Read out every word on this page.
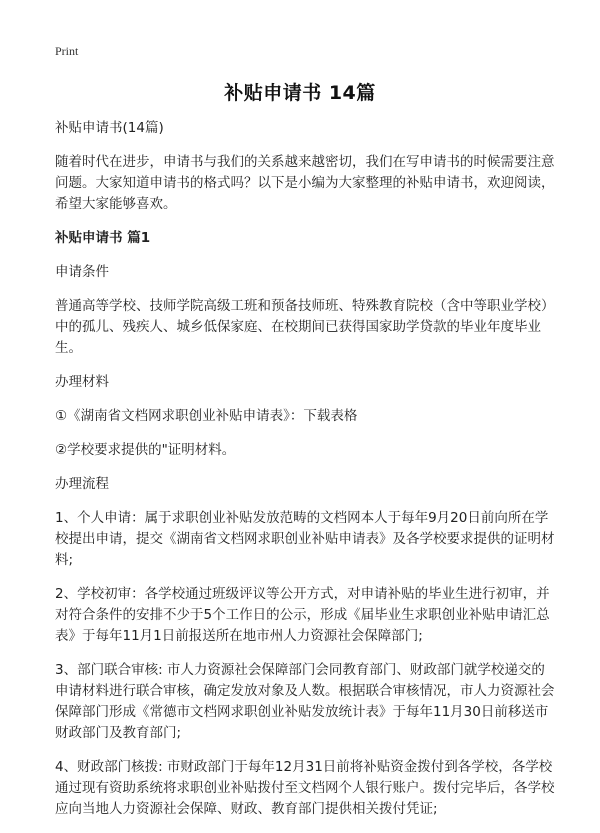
Print
补贴申请书 14篇

补贴申请书(14篇)

随着时代在进步，申请书与我们的关系越来越密切，我们在写申请书的时候需要注意问题。大家知道申请书的格式吗？以下是小编为大家整理的补贴申请书，欢迎阅读，希望大家能够喜欢。

补贴申请书 篇1

申请条件

普通高等学校、技师学院高级工班和预备技师班、特殊教育院校（含中等职业学校）中的孤儿、残疾人、城乡低保家庭、在校期间已获得国家助学贷款的毕业年度毕业生。

办理材料

①《湖南省文档网求职创业补贴申请表》：下载表格

②学校要求提供的"证明材料。

办理流程

1、个人申请：属于求职创业补贴发放范畴的文档网本人于每年9月20日前向所在学校提出申请，提交《湖南省文档网求职创业补贴申请表》及各学校要求提供的证明材料;

2、学校初审：各学校通过班级评议等公开方式，对申请补贴的毕业生进行初审，并对符合条件的安排不少于5个工作日的公示，形成《届毕业生求职创业补贴申请汇总表》于每年11月1日前报送所在地市州人力资源社会保障部门;

3、部门联合审核: 市人力资源社会保障部门会同教育部门、财政部门就学校递交的申请材料进行联合审核，确定发放对象及人数。根据联合审核情况，市人力资源社会保障部门形成《常德市文档网求职创业补贴发放统计表》于每年11月30日前移送市财政部门及教育部门;

4、财政部门核拨: 市财政部门于每年12月31日前将补贴资金拨付到各学校，各学校通过现有资助系统将求职创业补贴拨付至文档网个人银行账户。拨付完毕后，各学校应向当地人力资源社会保障、财政、教育部门提供相关拨付凭证;
